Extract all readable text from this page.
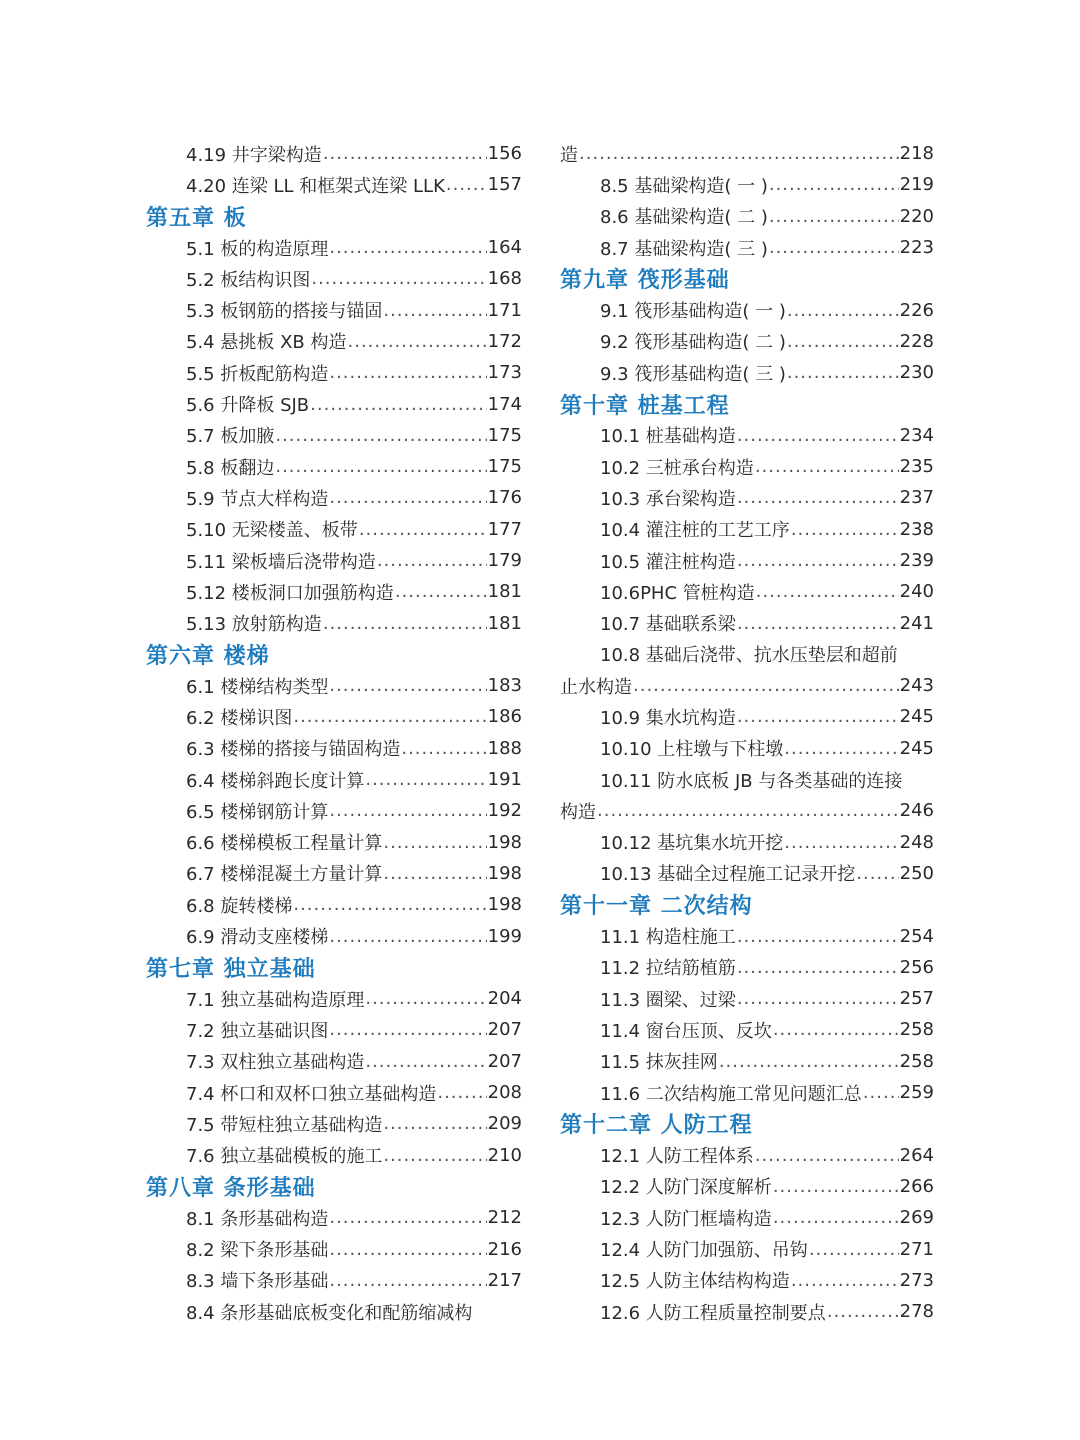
4.19 井字梁构造 .....	156
4.20 连梁 LL 和框架式连梁 LLK ..... 157
第五章 板
5.1 板的构造原理 .....	164
5.2 板结构识图 .....	168
5.3 板钢筋的搭接与锚固 .....	171
5.4 悬挑板 XB 构造 .....	172
5.5 折板配筋构造 .....	173
5.6 升降板 SJB .....	174
5.7 板加腋 .....	175
5.8 板翻边 .....	175
5.9 节点大样构造 .....	176
5.10 无梁楼盖、板带 .....	177
5.11 梁板墙后浇带构造 .....	179
5.12 楼板洞口加强筋构造 .....	181
5.13 放射筋构造 .....	181
第六章 楼梯
6.1 楼梯结构类型 .....	183
6.2 楼梯识图 .....	186
6.3 楼梯的搭接与锚固构造 .....	188
6.4 楼梯斜跑长度计算 .....	191
6.5 楼梯钢筋计算 .....	192
6.6 楼梯模板工程量计算 .....	198
6.7 楼梯混凝土方量计算 .....	198
6.8 旋转楼梯 .....	198
6.9 滑动支座楼梯 .....	199
第七章 独立基础
7.1 独立基础构造原理 .....	204
7.2 独立基础识图 .....	207
7.3 双柱独立基础构造 .....	207
7.4 杯口和双杯口独立基础构造 .....	208
7.5 带短柱独立基础构造 .....	209
7.6 独立基础模板的施工 .....	210
第八章 条形基础
8.1 条形基础构造 .....	212
8.2 梁下条形基础 .....	216
8.3 墙下条形基础 .....	217
8.4 条形基础底板变化和配筋缩减构
造 .....	218
8.5 基础梁构造( 一 ) .....	219
8.6 基础梁构造( 二 ) .....	220
8.7 基础梁构造( 三 ) .....	223
第九章 筏形基础
9.1 筏形基础构造( 一 ) .....	226
9.2 筏形基础构造( 二 ) .....	228
9.3 筏形基础构造( 三 ) .....	230
第十章 桩基工程
10.1 桩基础构造 .....	234
10.2 三桩承台构造 .....	235
10.3 承台梁构造 .....	237
10.4 灌注桩的工艺工序 .....	238
10.5 灌注桩构造 .....	239
10.6PHC 管桩构造 .....	240
10.7 基础联系梁 .....	241
10.8 基础后浇带、抗水压垫层和超前
止水构造 .....	243
10.9 集水坑构造 .....	245
10.10 上柱墩与下柱墩 .....	245
10.11 防水底板 JB 与各类基础的连接
构造 .....	246
10.12 基坑集水坑开挖 .....	248
10.13 基础全过程施工记录开挖 ..... 250
第十一章 二次结构
11.1 构造柱施工 .....	254
11.2 拉结筋植筋 .....	256
11.3 圈梁、过梁 .....	257
11.4 窗台压顶、反坎 .....	258
11.5 抹灰挂网 .....	258
11.6 二次结构施工常见问题汇总 ..... 259
第十二章 人防工程
12.1 人防工程体系 .....	264
12.2 人防门深度解析 .....	266
12.3 人防门框墙构造 .....	269
12.4 人防门加强筋、吊钩 .....	271
12.5 人防主体结构构造 .....	273
12.6 人防工程质量控制要点 .....	278
